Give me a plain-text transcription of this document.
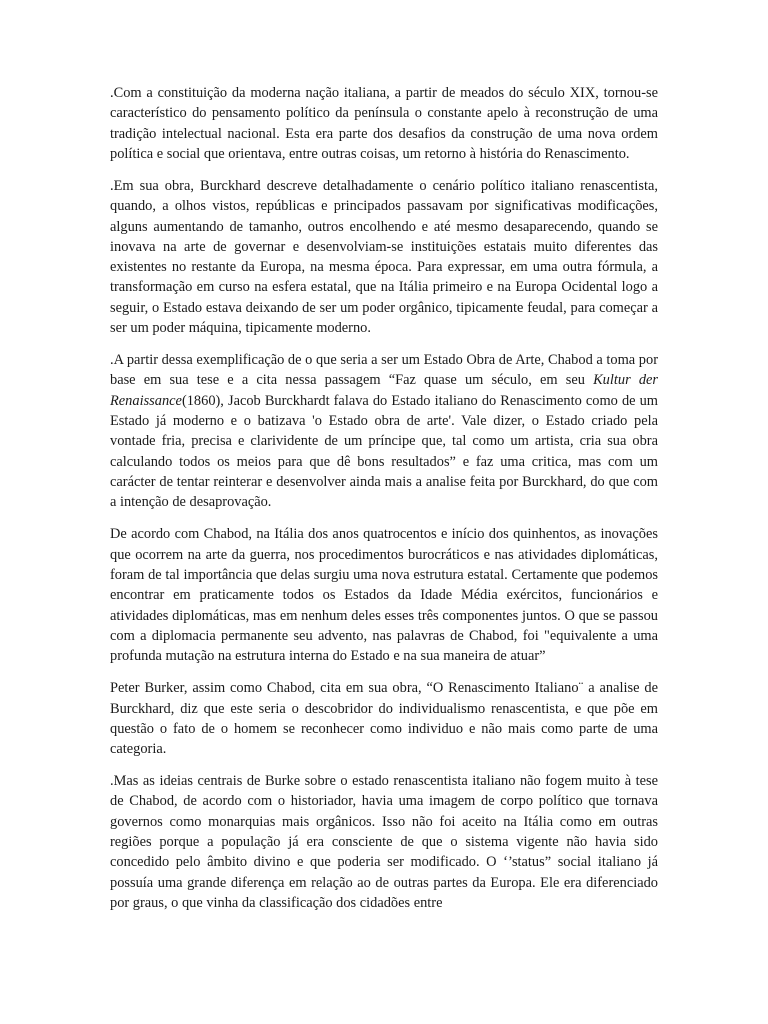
.Com a constituição da moderna nação italiana, a partir de meados do século XIX, tornou-se característico do pensamento político da península o constante apelo à reconstrução de uma tradição intelectual nacional. Esta era parte dos desafios da construção de uma nova ordem política e social que orientava, entre outras coisas, um retorno à história do Renascimento.

.Em sua obra, Burckhard descreve detalhadamente o cenário político italiano renascentista, quando, a olhos vistos, repúblicas e principados passavam por significativas modificações, alguns aumentando de tamanho, outros encolhendo e até mesmo desaparecendo, quando se inovava na arte de governar e desenvolviam-se instituições estatais muito diferentes das existentes no restante da Europa, na mesma época. Para expressar, em uma outra fórmula, a transformação em curso na esfera estatal, que na Itália primeiro e na Europa Ocidental logo a seguir, o Estado estava deixando de ser um poder orgânico, tipicamente feudal, para começar a ser um poder máquina, tipicamente moderno.

.A partir dessa exemplificação de o que seria a ser um Estado Obra de Arte, Chabod a toma por base em sua tese e a cita nessa passagem “Faz quase um século, em seu Kultur der Renaissance(1860), Jacob Burckhardt falava do Estado italiano do Renascimento como de um Estado já moderno e o batizava 'o Estado obra de arte'. Vale dizer, o Estado criado pela vontade fria, precisa e clarividente de um príncipe que, tal como um artista, cria sua obra calculando todos os meios para que dê bons resultados” e faz uma critica, mas com um carácter de tentar reinterar e desenvolver ainda mais a analise feita por Burckhard, do que com a intenção de desaprovação.

De acordo com Chabod, na Itália dos anos quatrocentos e início dos quinhentos, as inovações que ocorrem na arte da guerra, nos procedimentos burocráticos e nas atividades diplomáticas, foram de tal importância que delas surgiu uma nova estrutura estatal. Certamente que podemos encontrar em praticamente todos os Estados da Idade Média exércitos, funcionários e atividades diplomáticas, mas em nenhum deles esses três componentes juntos. O que se passou com a diplomacia permanente seu advento, nas palavras de Chabod, foi "equivalente a uma profunda mutação na estrutura interna do Estado e na sua maneira de atuar”

Peter Burker, assim como Chabod, cita em sua obra, “O Renascimento Italiano¨ a analise de Burckhard, diz que este seria o descobridor do individualismo renascentista, e que põe em questão o fato de o homem se reconhecer como individuo e não mais como parte de uma categoria.

.Mas as ideias centrais de Burke sobre o estado renascentista italiano não fogem muito à tese de Chabod, de acordo com o historiador, havia uma imagem de corpo político que tornava governos como monarquias mais orgânicos. Isso não foi aceito na Itália como em outras regiões porque a população já era consciente de que o sistema vigente não havia sido concedido pelo âmbito divino e que poderia ser modificado. O ‘’status” social italiano já possuía uma grande diferença em relação ao de outras partes da Europa. Ele era diferenciado por graus, o que vinha da classificação dos cidadões entre
